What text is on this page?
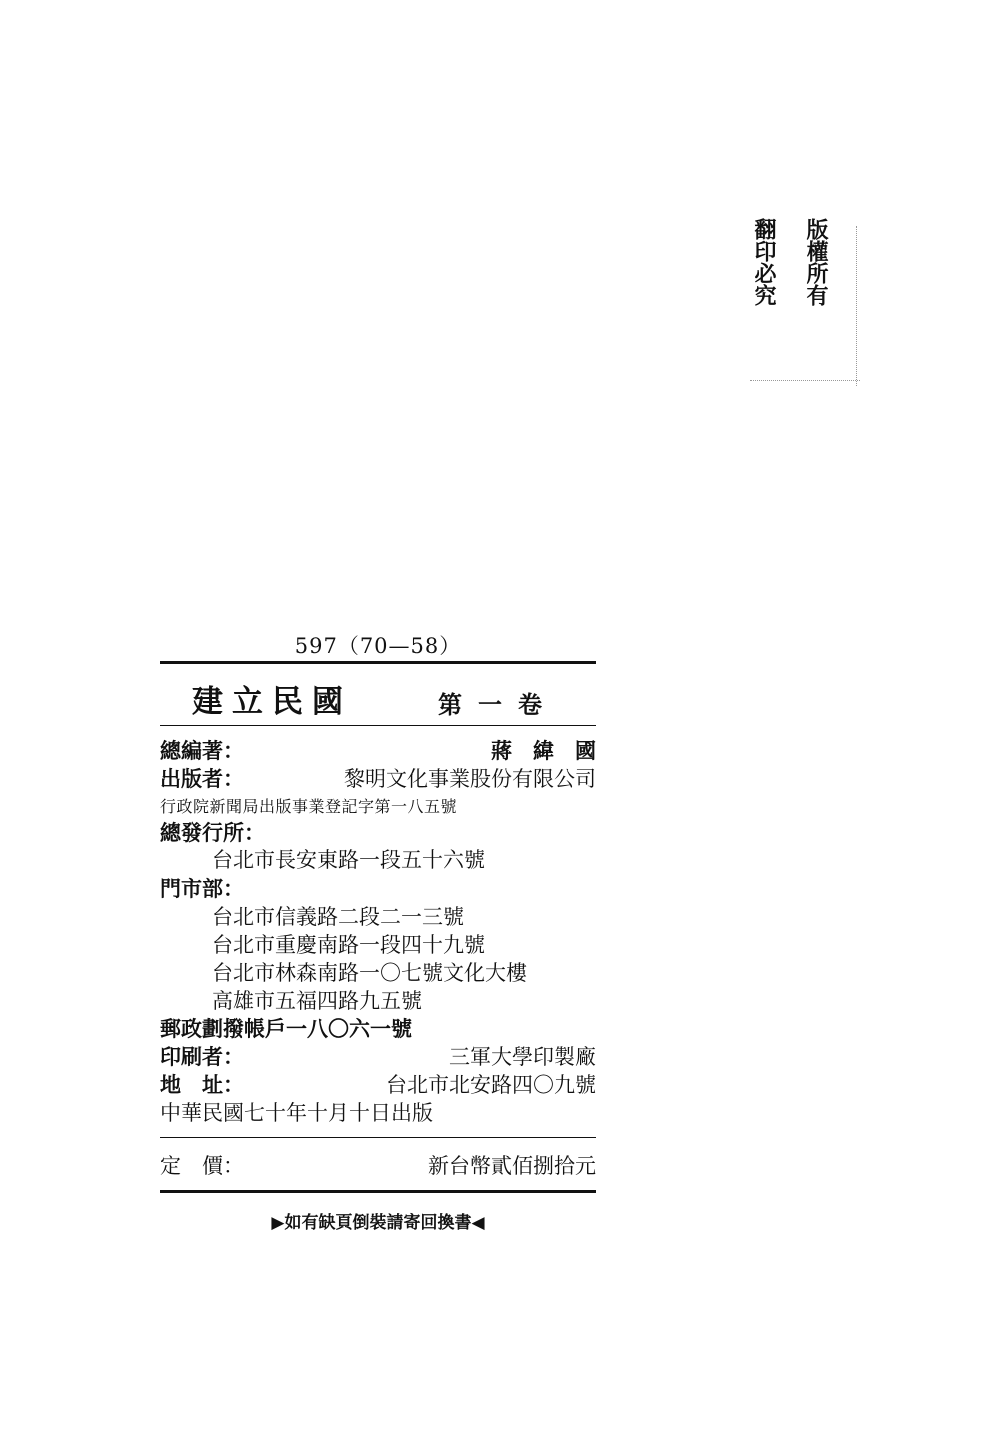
版權所有
翻印必究
597（70—58）
建立民國	第一卷
總編著：	蔣　緯　國
出版者：	黎明文化事業股份有限公司
行政院新聞局出版事業登記字第一八五號
總發行所：
台北市長安東路一段五十六號
門市部：
台北市信義路二段二一三號
台北市重慶南路一段四十九號
台北市林森南路一〇七號文化大樓
高雄市五福四路九五號
郵政劃撥帳戶一八〇六一號
印刷者：	三軍大學印製廠
地　址：	台北市北安路四〇九號
中華民國七十年十月十日出版
定　價：	新台幣貳佰捌拾元
▶如有缺頁倒裝請寄回換書◀
